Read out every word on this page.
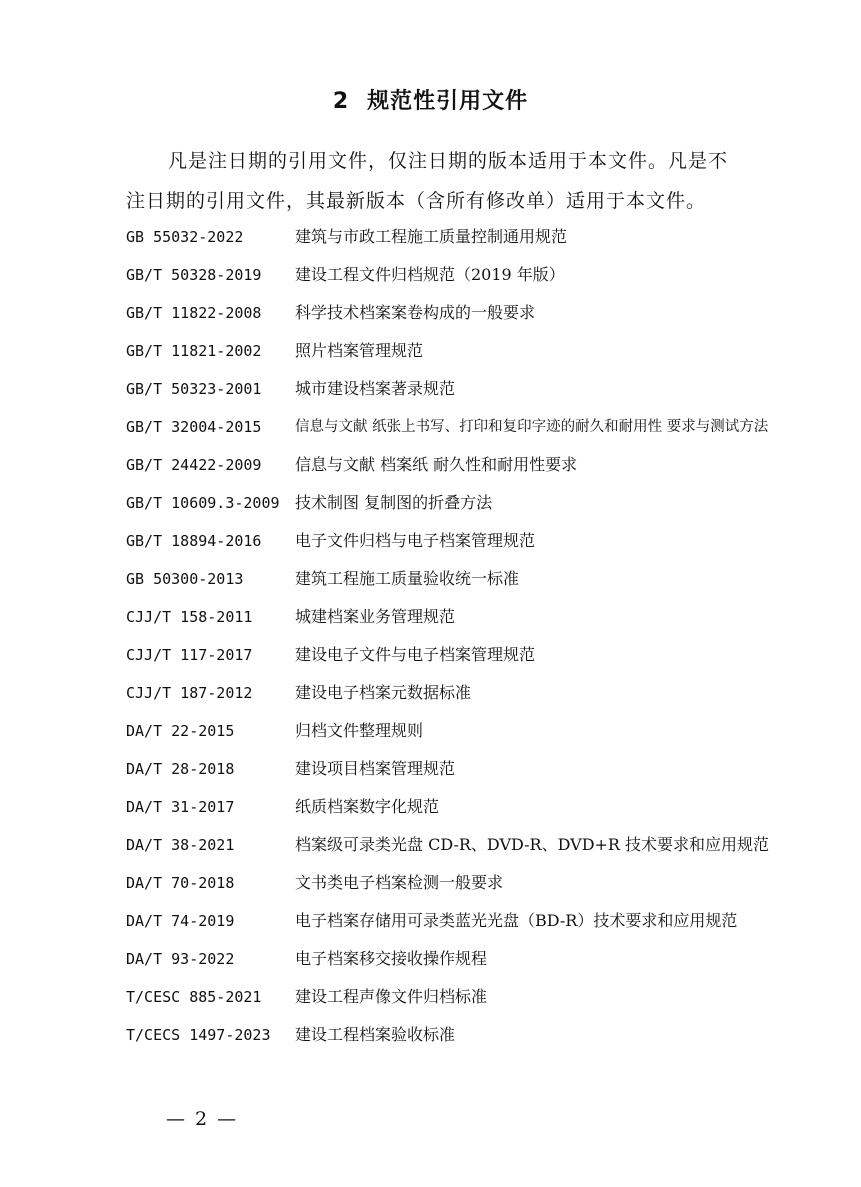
2 规范性引用文件
凡是注日期的引用文件，仅注日期的版本适用于本文件。凡是不
注日期的引用文件，其最新版本（含所有修改单）适用于本文件。
GB 55032-2022	建筑与市政工程施工质量控制通用规范
GB/T 50328-2019 建设工程文件归档规范（2019 年版）
GB/T 11822-2008 科学技术档案案卷构成的一般要求
GB/T 11821-2002 照片档案管理规范
GB/T 50323-2001 城市建设档案著录规范
GB/T 32004-2015 信息与文献 纸张上书写、打印和复印字迹的耐久和耐用性 要求与测试方法
GB/T 24422-2009 信息与文献 档案纸 耐久性和耐用性要求
GB/T 10609.3-2009 技术制图 复制图的折叠方法
GB/T 18894-2016 电子文件归档与电子档案管理规范
GB 50300-2013	建筑工程施工质量验收统一标准
CJJ/T 158-2011	城建档案业务管理规范
CJJ/T 117-2017	建设电子文件与电子档案管理规范
CJJ/T 187-2012	建设电子档案元数据标准
DA/T 22-2015	归档文件整理规则
DA/T 28-2018	建设项目档案管理规范
DA/T 31-2017	纸质档案数字化规范
DA/T 38-2021	档案级可录类光盘 CD-R、DVD-R、DVD+R 技术要求和应用规范
DA/T 70-2018	文书类电子档案检测一般要求
DA/T 74-2019	电子档案存储用可录类蓝光光盘（BD-R）技术要求和应用规范
DA/T 93-2022	电子档案移交接收操作规程
T/CESC 885-2021 建设工程声像文件归档标准
T/CECS 1497-2023 建设工程档案验收标准
— 2 —
